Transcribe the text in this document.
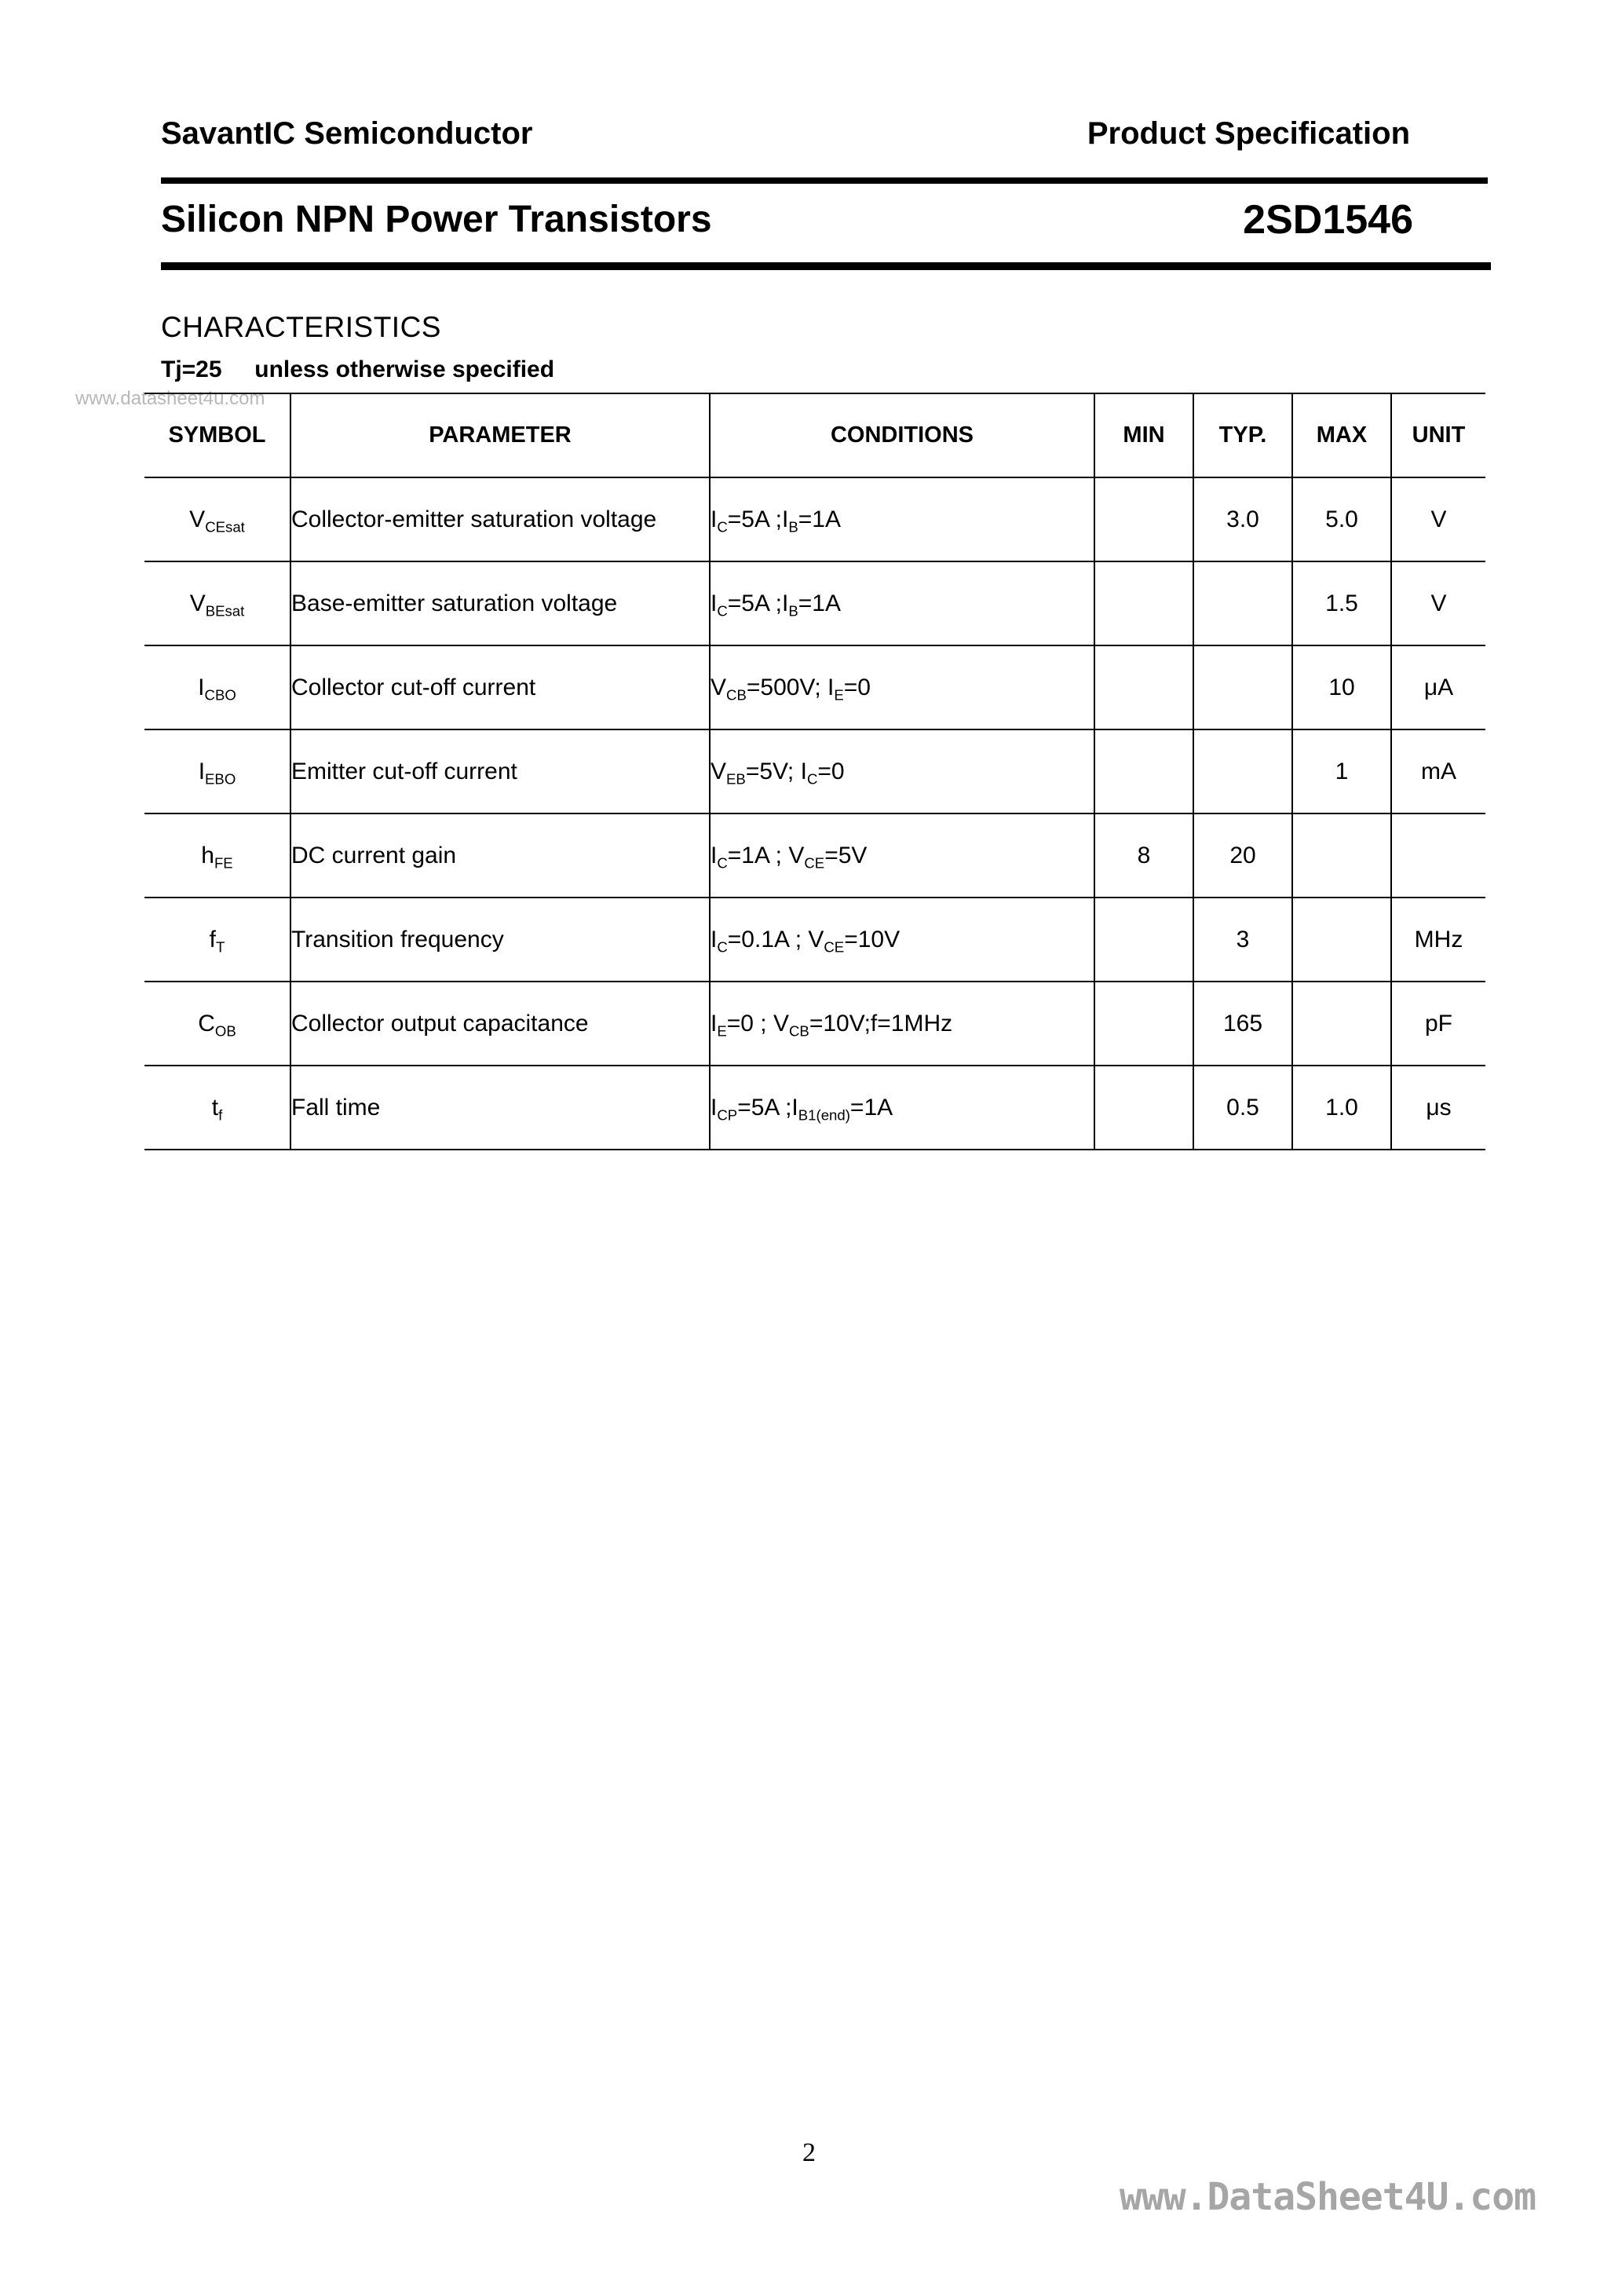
SavantIC Semiconductor	Product Specification
Silicon NPN Power Transistors	2SD1546
CHARACTERISTICS
Tj=25 unless otherwise specified
www.datasheet4u.com
SYMBOL	PARAMETER	CONDITIONS	MIN	TYP.	MAX	UNIT
$V_{CEsat}$	Collector-emitter saturation voltage	$I_C=5A$ $;I_B=1A$		3.0	5.0	V
$V_{BEsat}$	Base-emitter saturation voltage	$I_C=5A$ $;I_B=1A$			1.5	V
$I_{CBO}$	Collector cut-off current	$V_{CB}=500V$; $I_E=0$			10	μA
$I_{EBO}$	Emitter cut-off current	$V_{EB}=5V$; $I_C=0$			1	mA
$h_{FE}$	DC current gain	$I_C=1A$ ; $V_{CE}=5V$	8	20		
$f_T$	Transition frequency	$I_C=0.1A$ ; $V_{CE}=10V$		3		MHz
$C_{OB}$	Collector output capacitance	$I_E=0$ ; $V_{CB}=10V;f=1MHz$		165		pF
$t_f$	Fall time	$I_{CP}=5A$ $;I_{B1(end)}=1A$		0.5	1.0	μs
2
www.DataSheet4U.com
